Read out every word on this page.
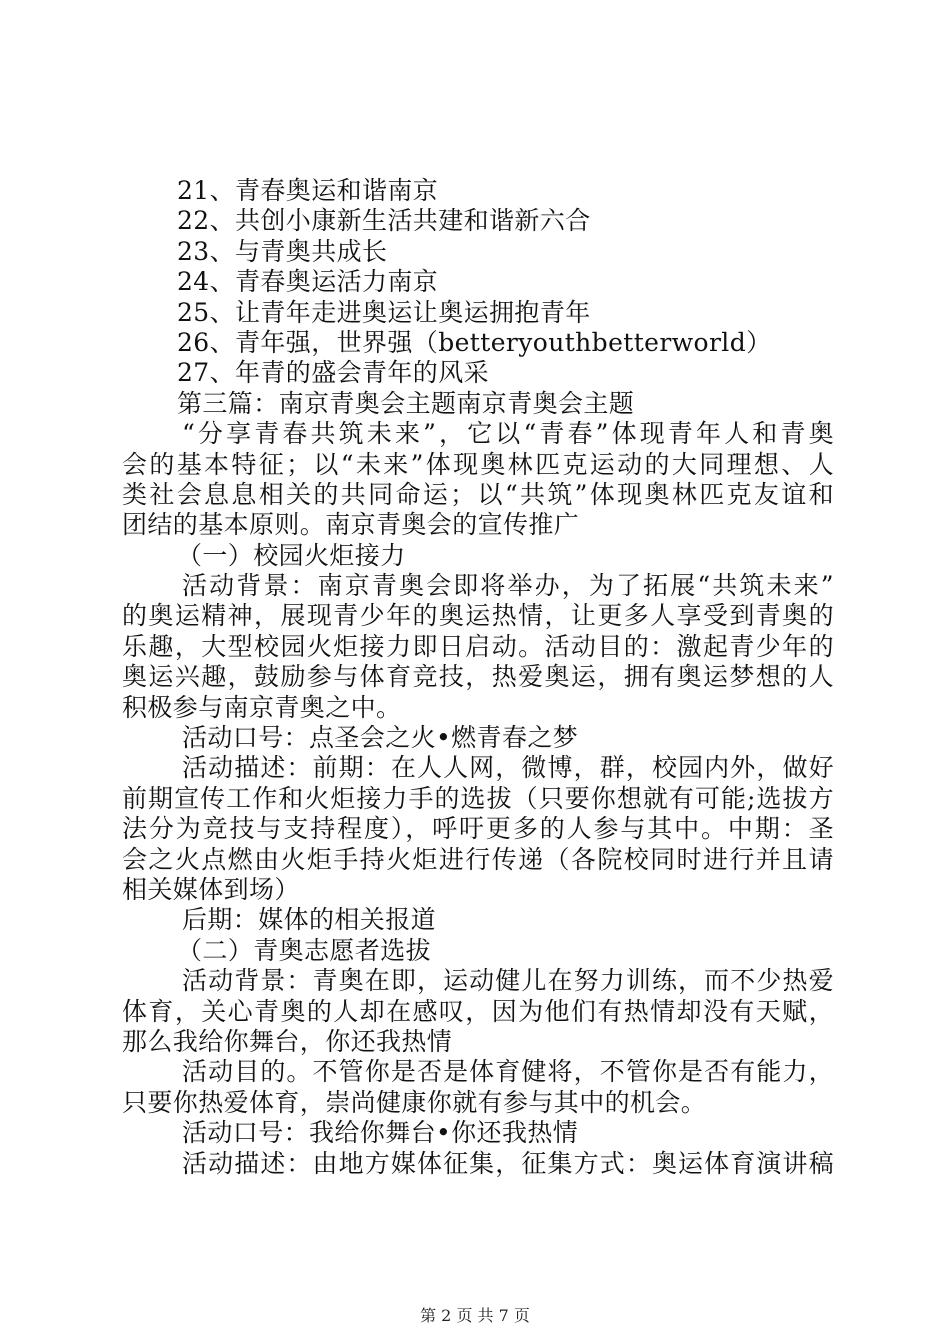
21、青春奥运和谐南京
22、共创小康新生活共建和谐新六合
23、与青奥共成长
24、青春奥运活力南京
25、让青年走进奥运让奥运拥抱青年
26、青年强，世界强（betteryouthbetterworld）
27、年青的盛会青年的风采
第三篇：南京青奥会主题南京青奥会主题
“分享青春共筑未来”，它以“青春”体现青年人和青奥
会的基本特征；以“未来”体现奥林匹克运动的大同理想、人
类社会息息相关的共同命运；以“共筑”体现奥林匹克友谊和
团结的基本原则。南京青奥会的宣传推广
（一）校园火炬接力
活动背景：南京青奥会即将举办，为了拓展“共筑未来”
的奥运精神，展现青少年的奥运热情，让更多人享受到青奥的
乐趣，大型校园火炬接力即日启动。活动目的：激起青少年的
奥运兴趣，鼓励参与体育竞技，热爱奥运，拥有奥运梦想的人
积极参与南京青奥之中。
活动口号：点圣会之火•燃青春之梦
活动描述：前期：在人人网，微博，群，校园内外，做好
前期宣传工作和火炬接力手的选拔（只要你想就有可能;选拔方
法分为竞技与支持程度），呼吁更多的人参与其中。中期：圣
会之火点燃由火炬手持火炬进行传递（各院校同时进行并且请
相关媒体到场）
后期：媒体的相关报道
（二）青奥志愿者选拔
活动背景：青奥在即，运动健儿在努力训练，而不少热爱
体育，关心青奥的人却在感叹，因为他们有热情却没有天赋，
那么我给你舞台，你还我热情
活动目的。不管你是否是体育健将，不管你是否有能力，
只要你热爱体育，崇尚健康你就有参与其中的机会。
活动口号：我给你舞台•你还我热情
活动描述：由地方媒体征集，征集方式：奥运体育演讲稿
第 2 页 共 7 页
